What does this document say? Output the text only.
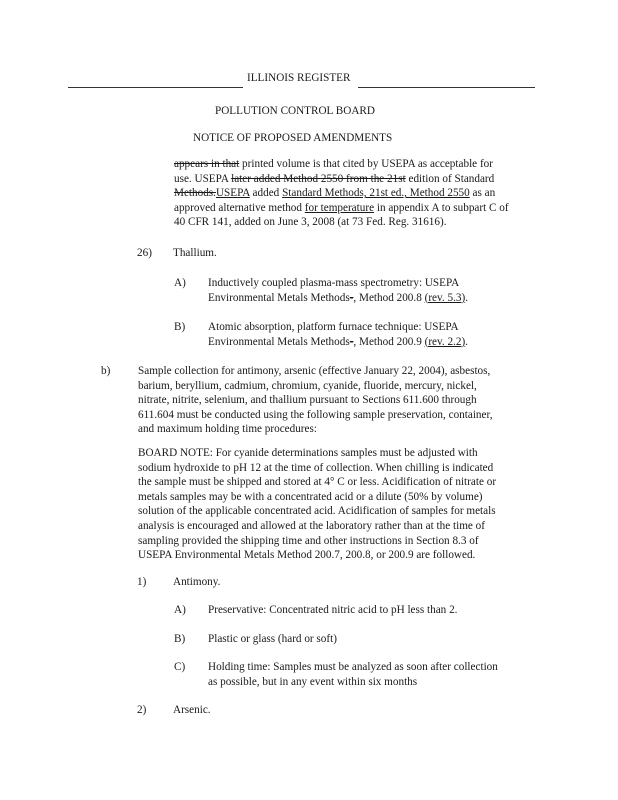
ILLINOIS REGISTER
POLLUTION CONTROL BOARD
NOTICE OF PROPOSED AMENDMENTS
appears in that printed volume is that cited by USEPA as acceptable for
use. USEPA later added Method 2550 from the 21st edition of Standard
Methods.USEPA added Standard Methods, 21st ed., Method 2550 as an
approved alternative method for temperature in appendix A to subpart C of
40 CFR 141, added on June 3, 2008 (at 73 Fed. Reg. 31616).
26) Thallium.
A) Inductively coupled plasma-mass spectrometry: USEPA
Environmental Metals Methods-, Method 200.8 (rev. 5.3).
B) Atomic absorption, platform furnace technique: USEPA
Environmental Metals Methods-, Method 200.9 (rev. 2.2).
b) Sample collection for antimony, arsenic (effective January 22, 2004), asbestos,
barium, beryllium, cadmium, chromium, cyanide, fluoride, mercury, nickel,
nitrate, nitrite, selenium, and thallium pursuant to Sections 611.600 through
611.604 must be conducted using the following sample preservation, container,
and maximum holding time procedures:
BOARD NOTE: For cyanide determinations samples must be adjusted with
sodium hydroxide to pH 12 at the time of collection. When chilling is indicated
the sample must be shipped and stored at 4° C or less. Acidification of nitrate or
metals samples may be with a concentrated acid or a dilute (50% by volume)
solution of the applicable concentrated acid. Acidification of samples for metals
analysis is encouraged and allowed at the laboratory rather than at the time of
sampling provided the shipping time and other instructions in Section 8.3 of
USEPA Environmental Metals Method 200.7, 200.8, or 200.9 are followed.
1) Antimony.
A) Preservative: Concentrated nitric acid to pH less than 2.
B) Plastic or glass (hard or soft)
C) Holding time: Samples must be analyzed as soon after collection
as possible, but in any event within six months
2) Arsenic.
